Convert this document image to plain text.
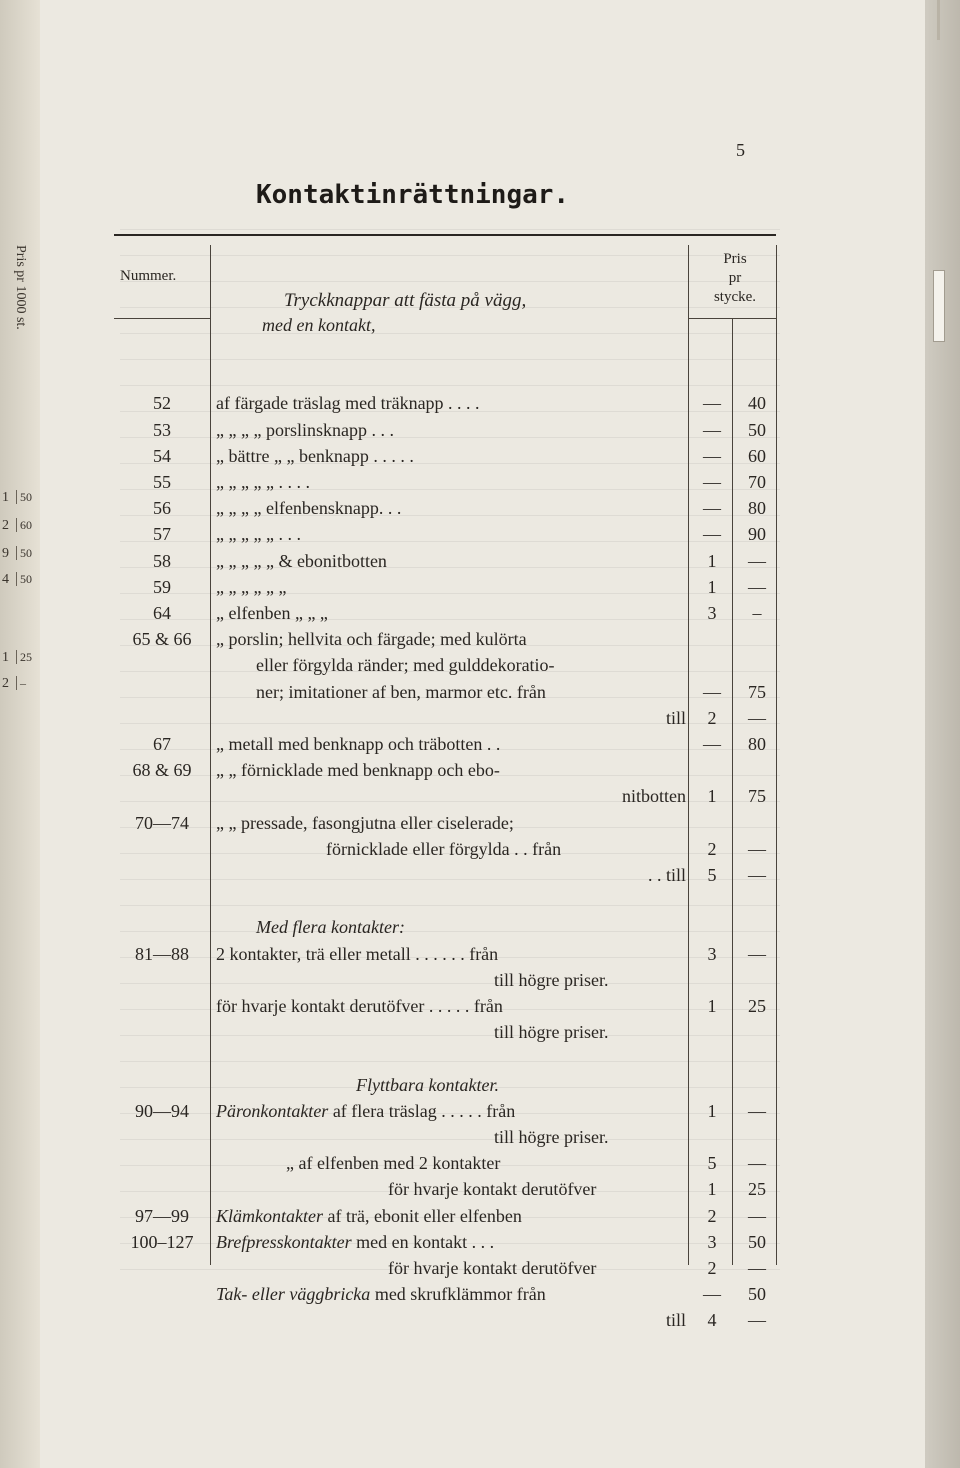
Pris pr 1000 st.
1 50
2 60
9 50
4 50
1 25
2 –
5
Kontaktinrättningar.
Nummer.
Pris
pr
stycke.
Tryckknappar att fästa på vägg,
med en kontakt,
52	af färgade träslag med träknapp . . . .	—	40
53	„ „ „ „ porslinsknapp . . .	—	50
54	„ bättre „ „ benknapp . . . . .	—	60
55	„ „ „ „ „ . . . .	—	70
56	„ „ „ „ elfenbensknapp. . .	—	80
57	„ „ „ „ „ . . .	—	90
58	„ „ „ „ „ & ebonitbotten	1	—
59	„ „ „ „ „ „	1	—
64	„ elfenben „ „ „	3	–
65 & 66	„ porslin; hellvita och färgade; med kulörta
eller förgylda ränder; med gulddekoratio-
ner; imitationer af ben, marmor etc. från	—	75
till	2	—
67	„ metall med benknapp och träbotten . .	—	80
68 & 69	„ „ förnicklade med benknapp och ebo-
nitbotten	1	75
70—74	„ „ pressade, fasongjutna eller ciselerade;
förnicklade eller förgylda . . från	2	—
. . till	5	—
Med flera kontakter:
81—88	2 kontakter, trä eller metall . . . . . . från	3	—
till högre priser.
för hvarje kontakt derutöfver . . . . . från	1	25
till högre priser.
Flyttbara kontakter.
90—94	Päronkontakter af flera träslag . . . . . från	1	—
till högre priser.
„ af elfenben med 2 kontakter	5	—
för hvarje kontakt derutöfver	1	25
97—99	Klämkontakter af trä, ebonit eller elfenben	2	—
100–127	Brefpresskontakter med en kontakt . . .	3	50
för hvarje kontakt derutöfver	2	—
Tak- eller väggbricka med skrufklämmor från	—	50
till	4	—
